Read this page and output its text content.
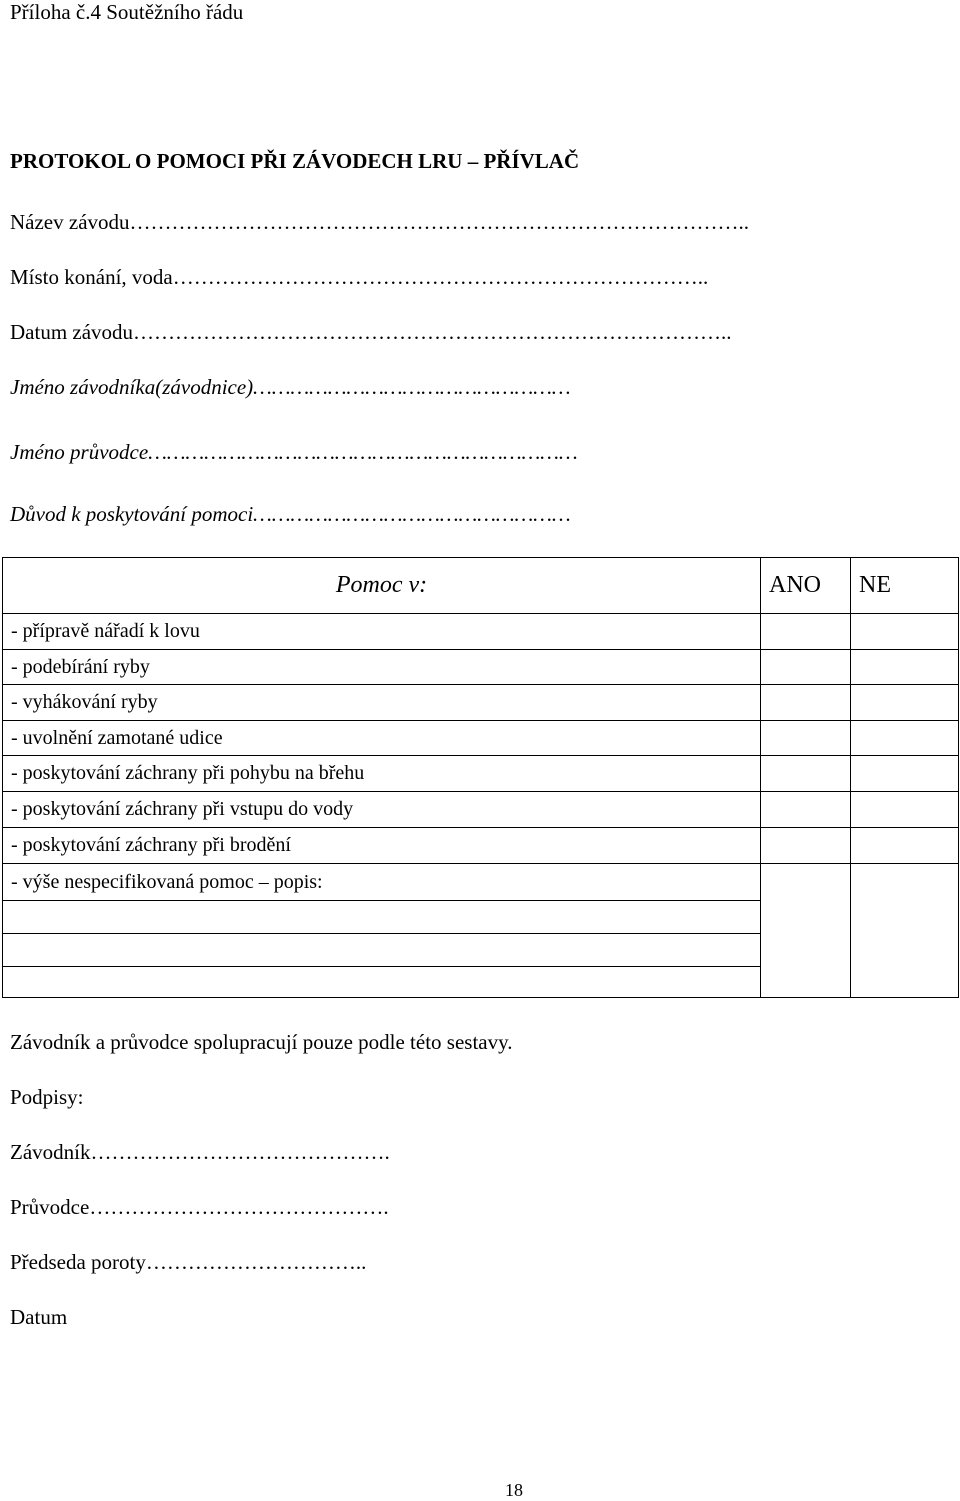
Příloha č.4 Soutěžního řádu
PROTOKOL O POMOCI PŘI ZÁVODECH LRU – PŘÍVLAČ
Název závodu……………………………………………………………………………..
Místo konání, voda…………………………………………………………………..
Datum závodu…………………………………………………………………………..
Jméno závodníka(závodnice)……………………………………………
Jméno průvodce……………………………………………………………
Důvod k poskytování pomoci……………………………………………
Pomoc v:	ANO	NE
- přípravě nářadí k lovu		
- podebírání ryby		
- vyhákování ryby		
- uvolnění zamotané udice		
- poskytování záchrany při pohybu na břehu		
- poskytování záchrany při vstupu do vody		
- poskytování záchrany při brodění		
- výše nespecifikovaná pomoc – popis:		

Závodník a průvodce spolupracují pouze podle této sestavy.
Podpisy:
Závodník…………………………………….
Průvodce…………………………………….
Předseda poroty…………………………..
Datum
18
